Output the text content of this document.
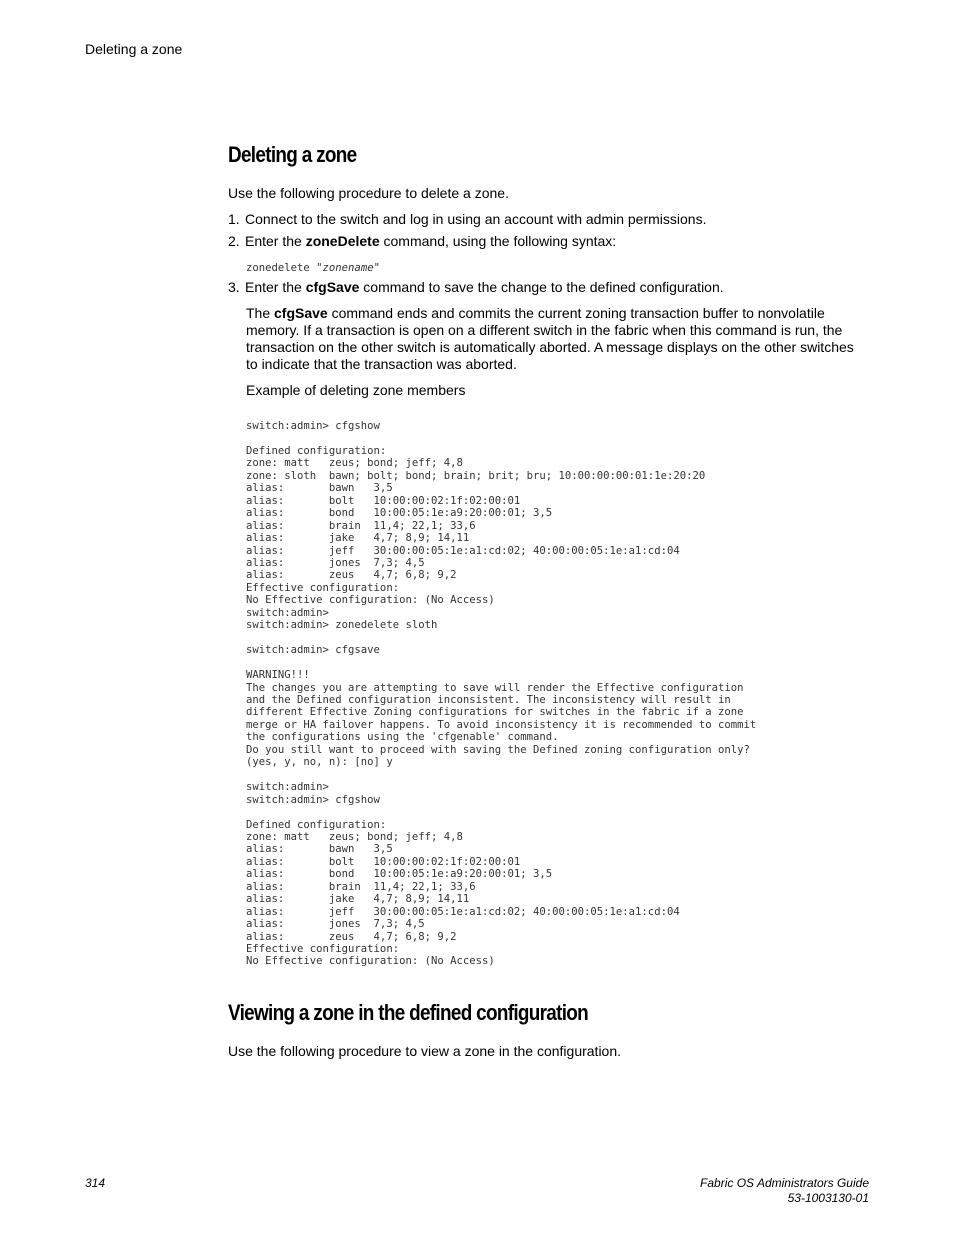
Deleting a zone
Deleting a zone
Use the following procedure to delete a zone.
1. Connect to the switch and log in using an account with admin permissions.
2. Enter the zoneDelete command, using the following syntax:
zonedelete "zonename"
3. Enter the cfgSave command to save the change to the defined configuration.
The cfgSave command ends and commits the current zoning transaction buffer to nonvolatile memory. If a transaction is open on a different switch in the fabric when this command is run, the transaction on the other switch is automatically aborted. A message displays on the other switches to indicate that the transaction was aborted.
Example of deleting zone members
switch:admin> cfgshow

Defined configuration:
zone: matt   zeus; bond; jeff; 4,8
zone: sloth  bawn; bolt; bond; brain; brit; bru; 10:00:00:00:01:1e:20:20
alias:       bawn   3,5
alias:       bolt   10:00:00:02:1f:02:00:01
alias:       bond   10:00:05:1e:a9:20:00:01; 3,5
alias:       brain  11,4; 22,1; 33,6
alias:       jake   4,7; 8,9; 14,11
alias:       jeff   30:00:00:05:1e:a1:cd:02; 40:00:00:05:1e:a1:cd:04
alias:       jones  7,3; 4,5
alias:       zeus   4,7; 6,8; 9,2
Effective configuration:
No Effective configuration: (No Access)
switch:admin>
switch:admin> zonedelete sloth

switch:admin> cfgsave

WARNING!!!
The changes you are attempting to save will render the Effective configuration
and the Defined configuration inconsistent. The inconsistency will result in
different Effective Zoning configurations for switches in the fabric if a zone
merge or HA failover happens. To avoid inconsistency it is recommended to commit
the configurations using the 'cfgenable' command.
Do you still want to proceed with saving the Defined zoning configuration only?
(yes, y, no, n): [no] y

switch:admin>
switch:admin> cfgshow

Defined configuration:
zone: matt   zeus; bond; jeff; 4,8
alias:       bawn   3,5
alias:       bolt   10:00:00:02:1f:02:00:01
alias:       bond   10:00:05:1e:a9:20:00:01; 3,5
alias:       brain  11,4; 22,1; 33,6
alias:       jake   4,7; 8,9; 14,11
alias:       jeff   30:00:00:05:1e:a1:cd:02; 40:00:00:05:1e:a1:cd:04
alias:       jones  7,3; 4,5
alias:       zeus   4,7; 6,8; 9,2
Effective configuration:
No Effective configuration: (No Access)
Viewing a zone in the defined configuration
Use the following procedure to view a zone in the configuration.
314	Fabric OS Administrators Guide
53-1003130-01
